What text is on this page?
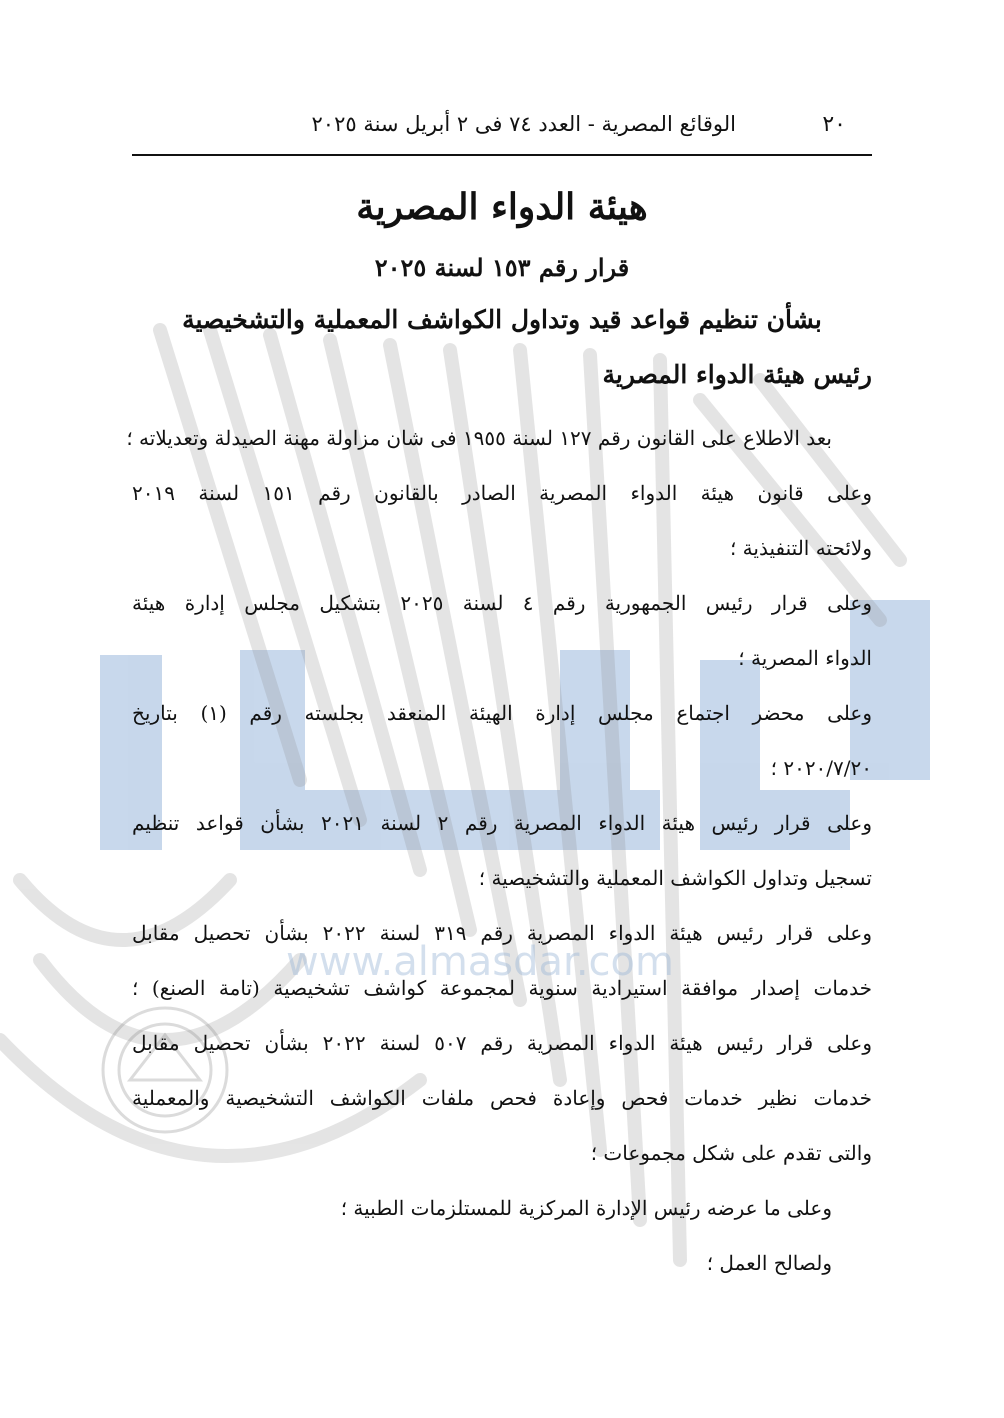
www.almasdar.com
٢٠
الوقائع المصرية - العدد ٧٤ فى ٢ أبريل سنة ٢٠٢٥
هيئة الدواء المصرية
قرار رقم ١٥٣ لسنة ٢٠٢٥
بشأن تنظيم قواعد قيد وتداول الكواشف المعملية والتشخيصية
رئيس هيئة الدواء المصرية
بعد الاطلاع على القانون رقم ١٢٧ لسنة ١٩٥٥ فى شان مزاولة مهنة الصيدلة وتعديلاته ؛
وعلى قانون هيئة الدواء المصرية الصادر بالقانون رقم ١٥١ لسنة ٢٠١٩
ولائحته التنفيذية ؛
وعلى قرار رئيس الجمهورية رقم ٤ لسنة ٢٠٢٥ بتشكيل مجلس إدارة هيئة
الدواء المصرية ؛
وعلى محضر اجتماع مجلس إدارة الهيئة المنعقد بجلسته رقم (١) بتاريخ
٢٠٢٠/٧/٢٠ ؛
وعلى قرار رئيس هيئة الدواء المصرية رقم ٢ لسنة ٢٠٢١ بشأن قواعد تنظيم
تسجيل وتداول الكواشف المعملية والتشخيصية ؛
وعلى قرار رئيس هيئة الدواء المصرية رقم ٣١٩ لسنة ٢٠٢٢ بشأن تحصيل مقابل
خدمات إصدار موافقة استيرادية سنوية لمجموعة كواشف تشخيصية (تامة الصنع) ؛
وعلى قرار رئيس هيئة الدواء المصرية رقم ٥٠٧ لسنة ٢٠٢٢ بشأن تحصيل مقابل
خدمات نظير خدمات فحص وإعادة فحص ملفات الكواشف التشخيصية والمعملية
والتى تقدم على شكل مجموعات ؛
وعلى ما عرضه رئيس الإدارة المركزية للمستلزمات الطبية ؛
ولصالح العمل ؛
